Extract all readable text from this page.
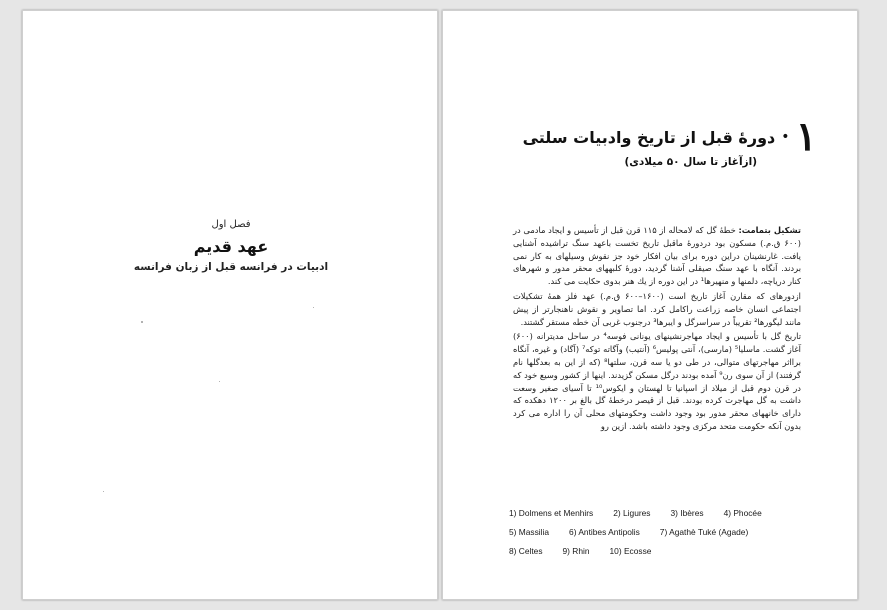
فصل اول
عهد قدیم
ادبیات در فرانسه قبل از زبان فرانسه
۱
•
دورهٔ قبل از تاریخ وادبیات سلتی
(ازآغاز تا سال ۵۰ میلادی)

تشکیل بتمامت: خطهٔ گل که لامحاله از ۱۱۵ قرن قبل از تأسیس و ایجاد مادمی در (۶۰۰ ق.م.) مسکون بود دردورهٔ ماقبل تاریخ تخست باعهد سنگ تراشیده آشنایی یافت. غارنشینان دراین دوره برای بیان افکار خود جز نقوش وسیلهای به کار نمی بردند. آنگاه با عهد سنگ صیقلی آشنا گردید، دورهٔ کلبههای محقر مدور و شهرهای کنار دریاچه، دلمنها و منهیرها¹ در این دوره از یك هنر بدوی حکایت می کند.

ازدورهای که مقارن آغاز تاریخ است (۱۶۰۰–۶۰۰ ق.م.) عهد فلز همهٔ تشکیلات اجتماعی انسان خاصه زراعت راکامل کرد. اما تصاویر و نقوش ناهنجارتر از پیش مانند لیگورها² تقریباً در سراسرگل و ایبرها³ درجنوب غربی آن خطه مستقر گشتند.

تاریخ گل با تأسیس و ایجاد مهاجرنشینهای یونانی فوسه⁴ در ساحل مدیترانه (۶۰۰) آغاز گشت. ماسلیا⁵ (مارسی)، آنتی پولیس⁶ (آنتیب) وآگاته توکه⁷ (آگاد) و غیره، آنگاه برااثر مهاجرتهای متوالی، در طی دو یا سه قرن، سلتها⁸ (که از این به بعدگلها نام گرفتند) از آن سوی رن⁹ آمده بودند درگل مسکن گزیدند. اینها از کشور وسیع خود که در قرن دوم قبل از میلاد از اسپانیا تا لهستان و ایکوس¹⁰ تا آسیای صغیر وسعت داشت به گل مهاجرت کرده بودند. قبل از قیصر درخطهٔ گل بالغ بر ۱۲۰۰ دهکده که دارای خانههای محقر مدور بود وجود داشت وحکومتهای محلی آن را اداره می کرد بدون آنکه حکومت متحد مرکزی وجود داشته باشد. ازین رو

1) Dolmens et Menhirs 2) Ligures 3) Ibères 4) Phocée
5) Massilia 6) Antibes Antipolis 7) Agathè Tuké (Agade)
8) Celtes 9) Rhin 10) Ecosse
